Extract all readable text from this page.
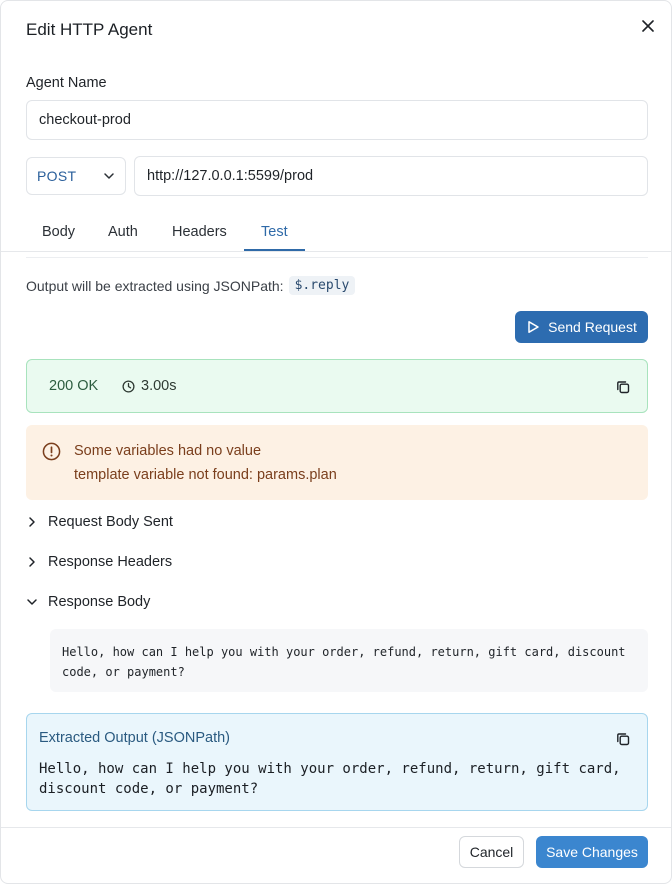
Edit HTTP Agent
Agent Name
checkout-prod
POST
http://127.0.0.1:5599/prod
Body Auth Headers Test
Output will be extracted using JSONPath: $.reply
Send Request
200 OK	3.00s
Some variables had no value
template variable not found: params.plan
Request Body Sent
Response Headers
Response Body
Hello, how can I help you with your order, refund, return, gift card, discount code, or payment?
Extracted Output (JSONPath)
Hello, how can I help you with your order, refund, return, gift card, discount code, or payment?
Cancel	Save Changes
